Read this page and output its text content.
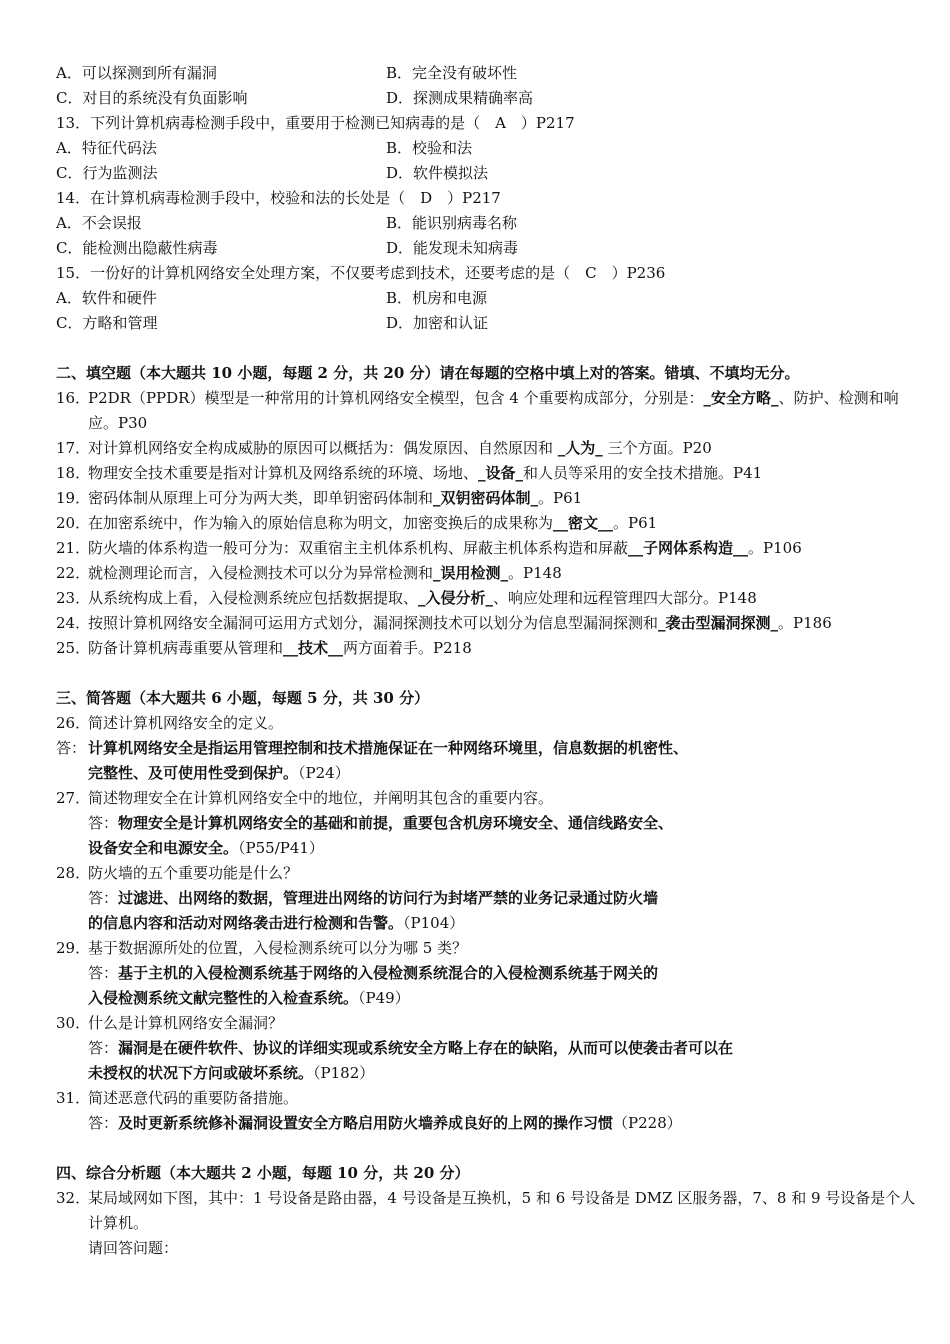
A．可以探测到所有漏洞	B．完全没有破坏性
C．对目的系统没有负面影响	D．探测成果精确率高
13．下列计算机病毒检测手段中，重要用于检测已知病毒的是（　A　）P217
A．特征代码法	B．校验和法
C．行为监测法	D．软件模拟法
14．在计算机病毒检测手段中，校验和法的长处是（　D　）P217
A．不会误报	B．能识别病毒名称
C．能检测出隐蔽性病毒	D．能发现未知病毒
15．一份好的计算机网络安全处理方案，不仅要考虑到技术，还要考虑的是（　C　）P236
A．软件和硬件	B．机房和电源
C．方略和管理	D．加密和认证
二、填空题（本大题共 10 小题，每题 2 分，共 20 分）请在每题的空格中填上对的答案。错填、不填均无分。
16．
P2DR（PPDR）模型是一种常用的计算机网络安全模型，包含 4 个重要构成部分，分别是：_安全方略_、防护、检测和响应。P30
17．
对计算机网络安全构成威胁的原因可以概括为：偶发原因、自然原因和 _人为_ 三个方面。P20
18．
物理安全技术重要是指对计算机及网络系统的环境、场地、_设备_和人员等采用的安全技术措施。P41
19．
密码体制从原理上可分为两大类，即单钥密码体制和_双钥密码体制_。P61
20．
在加密系统中，作为输入的原始信息称为明文，加密变换后的成果称为__密文__。P61
21．
防火墙的体系构造一般可分为：双重宿主主机体系机构、屏蔽主机体系构造和屏蔽__子网体系构造__。P106
22．
就检测理论而言，入侵检测技术可以分为异常检测和_误用检测_。P148
23．
从系统构成上看，入侵检测系统应包括数据提取、_入侵分析_、响应处理和远程管理四大部分。P148
24．
按照计算机网络安全漏洞可运用方式划分，漏洞探测技术可以划分为信息型漏洞探测和_袭击型漏洞探测_。P186
25．
防备计算机病毒重要从管理和__技术__两方面着手。P218
三、简答题（本大题共 6 小题，每题 5 分，共 30 分）
26．
简述计算机网络安全的定义。
答： 计算机网络安全是指运用管理控制和技术措施保证在一种网络环境里，信息数据的机密性、
完整性、及可使用性受到保护。（P24）
27．
简述物理安全在计算机网络安全中的地位，并阐明其包含的重要内容。
答：物理安全是计算机网络安全的基础和前提，重要包含机房环境安全、通信线路安全、
设备安全和电源安全。（P55/P41）
28．
防火墙的五个重要功能是什么？
答：过滤进、出网络的数据，管理进出网络的访问行为封堵严禁的业务记录通过防火墙
的信息内容和活动对网络袭击进行检测和告警。（P104）
29．
基于数据源所处的位置，入侵检测系统可以分为哪 5 类？
答：基于主机的入侵检测系统基于网络的入侵检测系统混合的入侵检测系统基于网关的
入侵检测系统文献完整性的入检查系统。（P49）
30．
什么是计算机网络安全漏洞？
答：漏洞是在硬件软件、协议的详细实现或系统安全方略上存在的缺陷，从而可以使袭击者可以在
未授权的状况下方问或破坏系统。（P182）
31．
简述恶意代码的重要防备措施。
答：及时更新系统修补漏洞设置安全方略启用防火墙养成良好的上网的操作习惯（P228）
四、综合分析题（本大题共 2 小题，每题 10 分，共 20 分）
32．
某局域网如下图，其中：1 号设备是路由器，4 号设备是互换机，5 和 6 号设备是 DMZ 区服务器，7、8 和 9 号设备是个人计算机。
请回答问题：
